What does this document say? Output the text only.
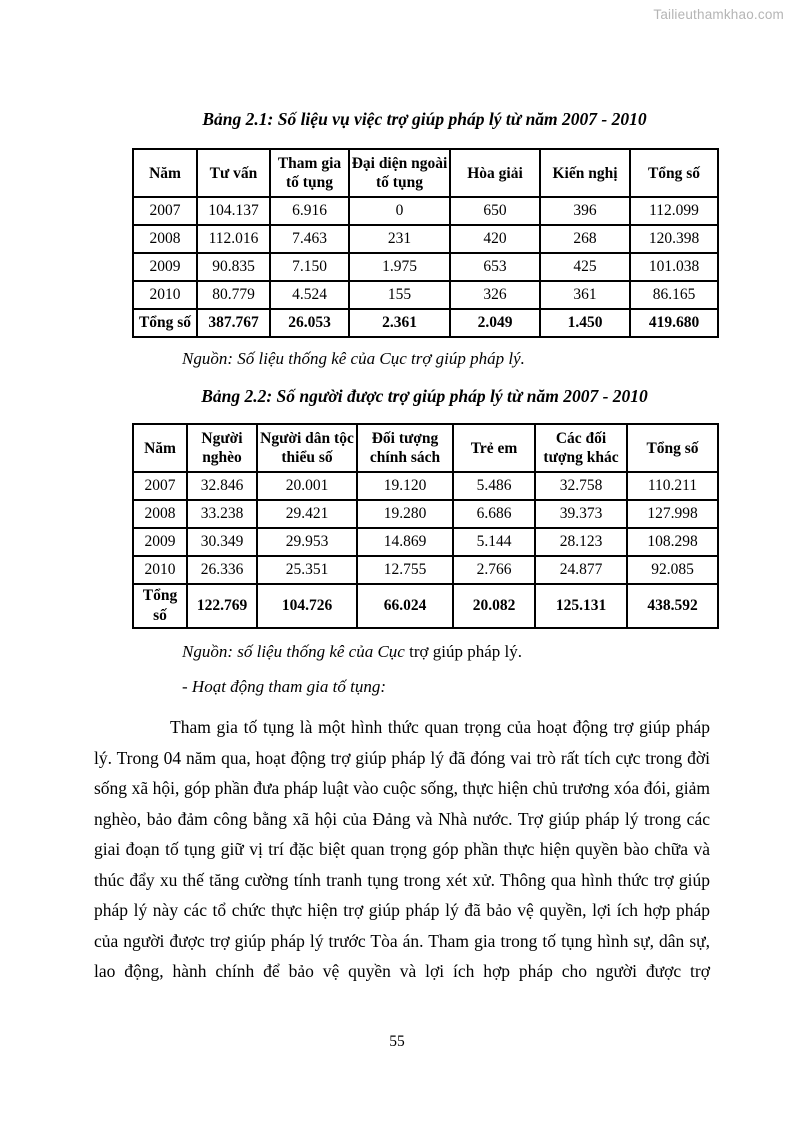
Tailieuthamkhao.com
Bảng 2.1: Số liệu vụ việc trợ giúp pháp lý từ năm 2007 - 2010
Năm	Tư vấn	Tham gia tố tụng	Đại diện ngoài tố tụng	Hòa giải	Kiến nghị	Tổng số
2007	104.137	6.916	0	650	396	112.099
2008	112.016	7.463	231	420	268	120.398
2009	90.835	7.150	1.975	653	425	101.038
2010	80.779	4.524	155	326	361	86.165
Tổng số	387.767	26.053	2.361	2.049	1.450	419.680
Nguồn: Số liệu thống kê của Cục trợ giúp pháp lý.
Bảng 2.2: Số người được trợ giúp pháp lý từ năm 2007 - 2010
Năm	Người nghèo	Người dân tộc thiểu số	Đối tượng chính sách	Trẻ em	Các đối tượng khác	Tổng số
2007	32.846	20.001	19.120	5.486	32.758	110.211
2008	33.238	29.421	19.280	6.686	39.373	127.998
2009	30.349	29.953	14.869	5.144	28.123	108.298
2010	26.336	25.351	12.755	2.766	24.877	92.085
Tổng số	122.769	104.726	66.024	20.082	125.131	438.592
Nguồn: số liệu thống kê của Cục trợ giúp pháp lý.
- Hoạt động tham gia tố tụng:
Tham gia tố tụng là một hình thức quan trọng của hoạt động trợ giúp pháp lý. Trong 04 năm qua, hoạt động trợ giúp pháp lý đã đóng vai trò rất tích cực trong đời sống xã hội, góp phần đưa pháp luật vào cuộc sống, thực hiện chủ trương xóa đói, giảm nghèo, bảo đảm công bằng xã hội của Đảng và Nhà nước. Trợ giúp pháp lý trong các giai đoạn tố tụng giữ vị trí đặc biệt quan trọng góp phần thực hiện quyền bào chữa và thúc đẩy xu thế tăng cường tính tranh tụng trong xét xử. Thông qua hình thức trợ giúp pháp lý này các tổ chức thực hiện trợ giúp pháp lý đã bảo vệ quyền, lợi ích hợp pháp của người được trợ giúp pháp lý trước Tòa án. Tham gia trong tố tụng hình sự, dân sự, lao động, hành chính để bảo vệ quyền và lợi ích hợp pháp cho người được trợ
55
